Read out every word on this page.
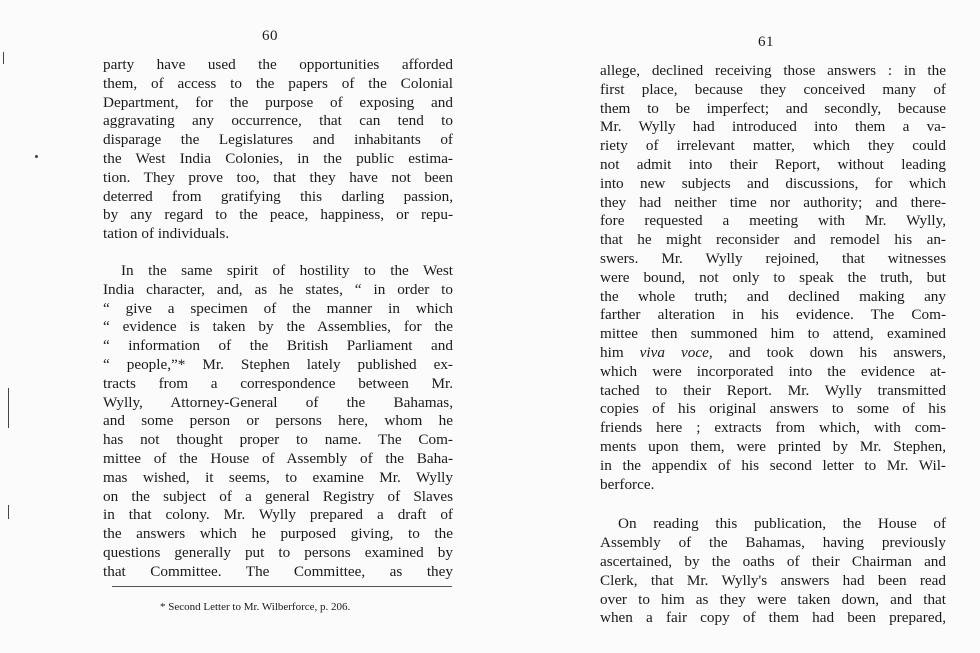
60	61
party have used the opportunities afforded
them, of access to the papers of the Colonial
Department, for the purpose of exposing and
aggravating any occurrence, that can tend to
disparage the Legislatures and inhabitants of
the West India Colonies, in the public estima-
tion. They prove too, that they have not been
deterred from gratifying this darling passion,
by any regard to the peace, happiness, or repu-
tation of individuals.
In the same spirit of hostility to the West
India character, and, as he states, “ in order to
“ give a specimen of the manner in which
“ evidence is taken by the Assemblies, for the
“ information of the British Parliament and
“ people,”* Mr. Stephen lately published ex-
tracts from a correspondence between Mr.
Wylly, Attorney-General of the Bahamas,
and some person or persons here, whom he
has not thought proper to name. The Com-
mittee of the House of Assembly of the Baha-
mas wished, it seems, to examine Mr. Wylly
on the subject of a general Registry of Slaves
in that colony. Mr. Wylly prepared a draft of
the answers which he purposed giving, to the
questions generally put to persons examined by
that Committee. The Committee, as they
allege, declined receiving those answers : in the
first place, because they conceived many of
them to be imperfect; and secondly, because
Mr. Wylly had introduced into them a va-
riety of irrelevant matter, which they could
not admit into their Report, without leading
into new subjects and discussions, for which
they had neither time nor authority; and there-
fore requested a meeting with Mr. Wylly,
that he might reconsider and remodel his an-
swers. Mr. Wylly rejoined, that witnesses
were bound, not only to speak the truth, but
the whole truth; and declined making any
farther alteration in his evidence. The Com-
mittee then summoned him to attend, examined
him viva voce, and took down his answers,
which were incorporated into the evidence at-
tached to their Report. Mr. Wylly transmitted
copies of his original answers to some of his
friends here ; extracts from which, with com-
ments upon them, were printed by Mr. Stephen,
in the appendix of his second letter to Mr. Wil-
berforce.
On reading this publication, the House of
Assembly of the Bahamas, having previously
ascertained, by the oaths of their Chairman and
Clerk, that Mr. Wylly's answers had been read
over to him as they were taken down, and that
when a fair copy of them had been prepared,
* Second Letter to Mr. Wilberforce, p. 206.
